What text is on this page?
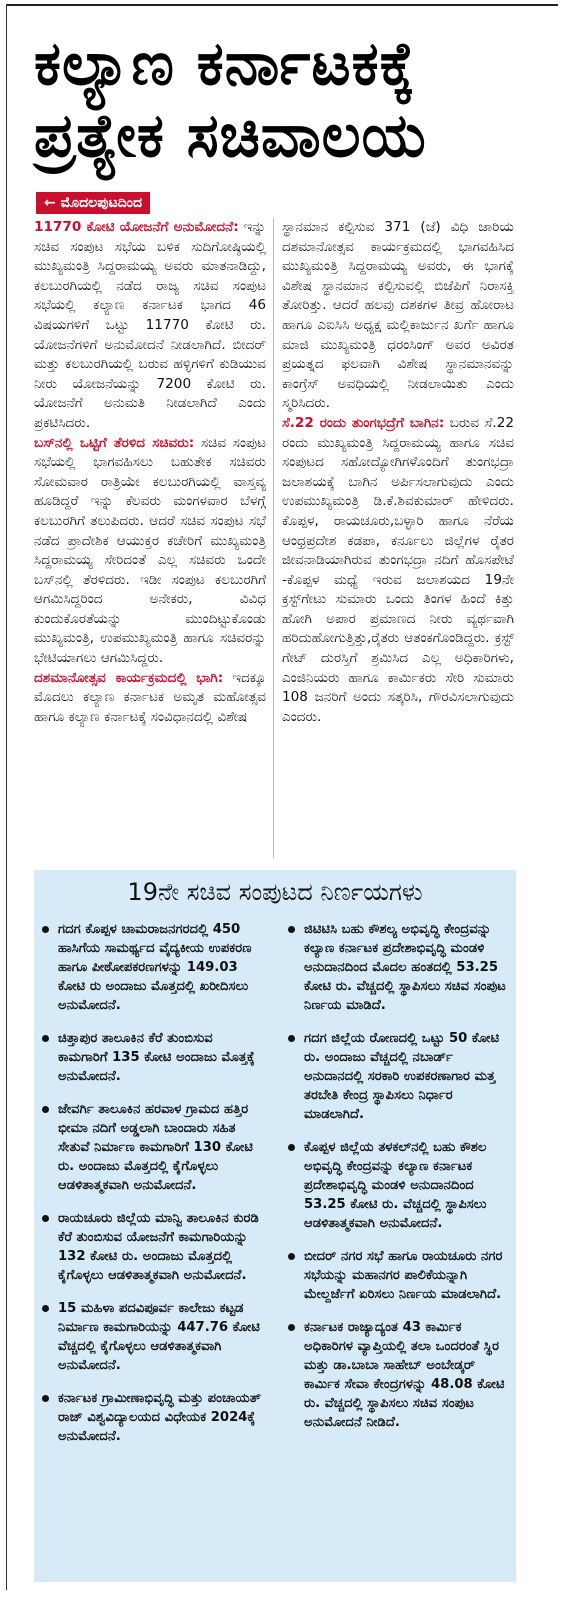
ಕಲ್ಯಾಣ ಕರ್ನಾಟಕಕ್ಕೆ ಪ್ರತ್ಯೇಕ ಸಚಿವಾಲಯ
← ಮೊದಲಪುಟದಿಂದ

11770 ಕೋಟಿ ಯೋಜನೆಗೆ ಅನುಮೋದನೆ: ಇನ್ನು ಸಚಿವ ಸಂಪುಟ ಸಭೆಯ ಬಳಿಕ ಸುದಿಗೋಷ್ಠಿಯಲ್ಲಿ ಮುಖ್ಯಮಂತ್ರಿ ಸಿದ್ದರಾಮಯ್ಯ ಅವರು ಮಾತನಾಡಿದ್ದು, ಕಲಬುರಗಿಯಲ್ಲಿ ನಡೆದ ರಾಜ್ಯ ಸಚಿವ ಸಂಪುಟ ಸಭೆಯಲ್ಲಿ ಕಲ್ಯಾಣ ಕರ್ನಾಟಕ ಭಾಗದ 46 ವಿಷಯಗಳಿಗೆ ಒಟ್ಟು 11770 ಕೋಟಿ ರು. ಯೋಜನೆಗಳಿಗೆ ಅನುಮೋದನೆ ನೀಡಲಾಗಿದೆ. ಬೀದರ್ ಮತ್ತು ಕಲಬುರಗಿಯಲ್ಲಿ ಬರುವ ಹಳ್ಳಿಗಳಿಗೆ ಕುಡಿಯುವ ನೀರು ಯೋಜನೆಯನ್ನು 7200 ಕೋಟಿ ರು. ಯೋಜನೆಗೆ ಅನುಮತಿ ನೀಡಲಾಗಿದೆ ಎಂದು ಪ್ರಕಟಿಸಿದರು.

ಬಸ್‌ನಲ್ಲಿ ಒಟ್ಟಿಗೆ ತೆರಳಿದ ಸಚಿವರು: ಸಚಿವ ಸಂಪುಟ ಸಭೆಯಲ್ಲಿ ಭಾಗವಹಿಸಲು ಬಹುತೇಕ ಸಚಿವರು ಸೋಮವಾರ ರಾತ್ರಿಯೇ ಕಲಬುರಗಿಯಲ್ಲಿ ವಾಸ್ತವ್ಯ ಹೂಡಿದ್ದರೆ ಇನ್ನು ಕೆಲವರು ಮಂಗಳವಾರ ಬೆಳಗ್ಗೆ ಕಲಬುರಗಿಗೆ ತಲುಪಿದರು. ಆದರೆ ಸಚಿವ ಸಂಪುಟ ಸಭೆ ನಡೆದ ಪ್ರಾದೇಶಿಕ ಆಯುಕ್ತರ ಕಚೇರಿಗೆ ಮುಖ್ಯಮಂತ್ರಿ ಸಿದ್ದರಾಮಯ್ಯ ಸೇರಿದಂತೆ ಎಲ್ಲ ಸಚಿವರು ಒಂದೇ ಬಸ್‌ನಲ್ಲಿ ತೆರಳಿದರು. ಇಡೀ ಸಂಪುಟ ಕಲಬುರಗಿಗೆ ಆಗಮಿಸಿದ್ದರಿಂದ ಅನೇಕರು, ವಿವಿಧ ಕುಂದುಕೊರತೆಯನ್ನು ಮುಂದಿಟ್ಟುಕೊಂಡು ಮುಖ್ಯಮಂತ್ರಿ, ಉಪಮುಖ್ಯಮಂತ್ರಿ ಹಾಗೂ ಸಚಿವರನ್ನು ಭೇಟಿಯಾಗಲು ಆಗಮಿಸಿದ್ದರು.

ದಶಮಾನೋತ್ಸವ ಕಾರ್ಯಕ್ರಮದಲ್ಲಿ ಭಾಗಿ: ಇದಕ್ಕೂ ಮೊದಲು ಕಲ್ಯಾಣ ಕರ್ನಾಟಕ ಅಮೃತ ಮಹೋತ್ಸವ ಹಾಗೂ ಕಲ್ಯಾಣ ಕರ್ನಾಟಕ್ಕೆ ಸಂವಿಧಾನದಲ್ಲಿ ವಿಶೇಷ

ಸ್ಥಾನಮಾನ ಕಲ್ಪಿಸುವ 371 (ಜೆ) ವಿಧಿ ಜಾರಿಯ ದಶಮಾನೋತ್ಸವ ಕಾರ್ಯಕ್ರಮದಲ್ಲಿ ಭಾಗವಹಿಸಿದ ಮುಖ್ಯಮಂತ್ರಿ ಸಿದ್ದರಾಮಯ್ಯ ಅವರು, ಈ ಭಾಗಕ್ಕೆ ವಿಶೇಷ ಸ್ಥಾನಮಾನ ಕಲ್ಪಿಸುವಲ್ಲಿ ಬಿಜೆಪಿಗೆ ನಿರಾಸಕ್ತಿ ತೋರಿತ್ತು. ಆದರೆ ಹಲವು ದಶಕಗಳ ತೀವ್ರ ಹೋರಾಟ ಹಾಗೂ ಎಐಸಿಸಿ ಅಧ್ಯಕ್ಷ ಮಲ್ಲಿಕಾರ್ಜುನ ಖರ್ಗೆ ಹಾಗೂ ಮಾಜಿ ಮುಖ್ಯಮಂತ್ರಿ ಧರಂಸಿಂಗ್ ಅವರ ಅವಿರತ ಪ್ರಯತ್ನದ ಫಲವಾಗಿ ವಿಶೇಷ ಸ್ಥಾನಮಾನವನ್ನು ಕಾಂಗ್ರೆಸ್ ಅವಧಿಯಲ್ಲಿ ನೀಡಲಾಯಿತು ಎಂದು ಸ್ಮರಿಸಿದರು.

ಸೆ.22 ರಂದು ತುಂಗಭದ್ರೆಗೆ ಬಾಗಿನ: ಬರುವ ಸೆ.22 ರಂದು ಮುಖ್ಯಮಂತ್ರಿ ಸಿದ್ದರಾಮಯ್ಯ ಹಾಗೂ ಸಚಿವ ಸಂಪುಟದ ಸಹೋದ್ಯೋಗಿಗಳೊಂದಿಗೆ ತುಂಗಭದ್ರಾ ಜಲಾಶಯಕ್ಕೆ ಬಾಗಿನ ಅರ್ಪಿಸಲಾಗುವುದು ಎಂದು ಉಪಮುಖ್ಯಮಂತ್ರಿ ಡಿ.ಕೆ.ಶಿವಕುಮಾರ್ ಹೇಳಿದರು. ಕೊಪ್ಪಳ, ರಾಯಚೂರು,ಬಳ್ಳಾರಿ ಹಾಗೂ ನೆರೆಯ ಆಂಧ್ರಪ್ರದೇಶ ಕಡಪಾ, ಕರ್ನೂಲು ಜಿಲ್ಲೆಗಳ ರೈತರ ಜೀವನಾಡಿಯಾಗಿರುವ ತುಂಗಭದ್ರಾ ನದಿಗೆ ಹೊಸಪೇಟೆ -ಕೊಪ್ಪಳ ಮಧ್ಯೆ ಇರುವ ಜಲಾಶಯದ 19ನೇ ಕ್ರಸ್ಟ್‌ಗೇಟು ಸುಮಾರು ಒಂದು ತಿಂಗಳ ಹಿಂದೆ ಕಿತ್ತು ಹೋಗಿ ಅಪಾರ ಪ್ರಮಾಣದ ನೀರು ವ್ಯರ್ಥವಾಗಿ ಹರಿದುಹೋಗುತ್ತಿತ್ತು,ರೈತರು ಆತಂಕಗೊಂಡಿದ್ದರು. ಕ್ರಸ್ಟ್ ಗೇಟ್ ದುರಸ್ತಿಗೆ ಶ್ರಮಿಸಿದ ಎಲ್ಲ ಅಧಿಕಾರಿಗಳು, ಎಂಜಿನಿಯರು ಹಾಗೂ ಕಾರ್ಮಿಕರು ಸೇರಿ ಸುಮಾರು 108 ಜನರಿಗೆ ಅಂದು ಸತ್ಕರಿಸಿ, ಗೌರವಿಸಲಾಗುವುದು ಎಂದರು.

19ನೇ ಸಚಿವ ಸಂಪುಟದ ನಿರ್ಣಯಗಳು
ಗದಗ ಕೊಪ್ಪಳ ಚಾಮರಾಜನಗರದಲ್ಲಿ 450 ಹಾಸಿಗೆಯ ಸಾಮರ್ಥ್ಯದ ವೈದ್ಯಕೀಯ ಉಪಕರಣ ಹಾಗೂ ಪೀಠೋಪಕರಣಗಳನ್ನು 149.03 ಕೋಟಿ ರು ಅಂದಾಜು ಮೊತ್ತದಲ್ಲಿ ಖರೀದಿಸಲು ಅನುಮೋದನೆ.
ಚಿತ್ತಾಪುರ ತಾಲೂಕಿನ ಕೆರೆ ತುಂಬಿಸುವ ಕಾಮಗಾರಿಗೆ 135 ಕೋಟಿ ಅಂದಾಜು ಮೊತ್ತಕ್ಕೆ ಅನುಮೋದನೆ.
ಜೇವರ್ಗಿ ತಾಲೂಕಿನ ಹರವಾಳ ಗ್ರಾಮದ ಹತ್ತಿರ ಭೀಮಾ ನದಿಗೆ ಅಡ್ಡಲಾಗಿ ಬಾಂದಾರು ಸಹಿತ ಸೇತುವೆ ನಿರ್ಮಾಣ ಕಾಮಗಾರಿಗೆ 130 ಕೋಟಿ ರು. ಅಂದಾಜು ಮೊತ್ತದಲ್ಲಿ ಕೈಗೊಳ್ಳಲು ಆಡಳಿತಾತ್ಮಕವಾಗಿ ಅನುಮೋದನೆ.
ರಾಯಚೂರು ಜಿಲ್ಲೆಯ ಮಾನ್ವಿ ತಾಲೂಕಿನ ಕುರಡಿ ಕೆರೆ ತುಂಬಿಸುವ ಯೋಜನೆಗೆ ಕಾಮಗಾರಿಯನ್ನು 132 ಕೋಟಿ ರು. ಅಂದಾಜು ಮೊತ್ತದಲ್ಲಿ ಕೈಗೊಳ್ಳಲು ಆಡಳಿತಾತ್ಮಕವಾಗಿ ಅನುಮೋದನೆ.
15 ಮಹಿಳಾ ಪದವಿಪೂರ್ವ ಕಾಲೇಜು ಕಟ್ಟಡ ನಿರ್ಮಾಣ ಕಾಮಗಾರಿಯನ್ನು 447.76 ಕೋಟಿ ವೆಚ್ಚದಲ್ಲಿ ಕೈಗೊಳ್ಳಲು ಆಡಳಿತಾತ್ಮಕವಾಗಿ ಅನುಮೋದನೆ.
ಕರ್ನಾಟಕ ಗ್ರಾಮೀಣಾಭಿವೃದ್ಧಿ ಮತ್ತು ಪಂಚಾಯತ್ ರಾಜ್ ವಿಶ್ವವಿದ್ಯಾಲಯದ ವಿಧೇಯಕ 2024ಕ್ಕೆ ಅನುಮೋದನೆ.
ಜಿಟಿಟಿಸಿ ಬಹು ಕೌಶಲ್ಯ ಅಭಿವೃದ್ಧಿ ಕೇಂದ್ರವನ್ನು ಕಲ್ಯಾಣ ಕರ್ನಾಟಕ ಪ್ರದೇಶಾಭಿವೃದ್ಧಿ ಮಂಡಳಿ ಅನುದಾನದಿಂದ ಮೊದಲ ಹಂತದಲ್ಲಿ 53.25 ಕೋಟಿ ರು. ವೆಚ್ಚದಲ್ಲಿ ಸ್ಥಾಪಿಸಲು ಸಚಿವ ಸಂಪುಟ ನಿರ್ಣಯ ಮಾಡಿದೆ.
ಗದಗ ಜಿಲ್ಲೆಯ ರೋಣದಲ್ಲಿ ಒಟ್ಟು 50 ಕೋಟಿ ರು. ಅಂದಾಜು ವೆಚ್ಚದಲ್ಲಿ ನಬಾರ್ಡ್ ಅನುದಾನದಲ್ಲಿ ಸರಕಾರಿ ಉಪಕರಣಾಗಾರ ಮತ್ತ ತರಬೇತಿ ಕೇಂದ್ರ ಸ್ಥಾಪಿಸಲು ನಿರ್ಧಾರ ಮಾಡಲಾಗಿದೆ.
ಕೊಪ್ಪಳ ಜಿಲ್ಲೆಯ ತಳಕಲ್‌ನಲ್ಲಿ ಬಹು ಕೌಶಲ ಅಭಿವೃದ್ಧಿ ಕೇಂದ್ರವನ್ನು ಕಲ್ಯಾಣ ಕರ್ನಾಟಕ ಪ್ರದೇಶಾಭಿವೃದ್ಧಿ ಮಂಡಳಿ ಅನುದಾನದಿಂದ 53.25 ಕೋಟಿ ರು. ವೆಚ್ಚದಲ್ಲಿ ಸ್ಥಾಪಿಸಲು ಆಡಳಿತಾತ್ಮಕವಾಗಿ ಅನುಮೋದನೆ.
ಬೀದರ್ ನಗರ ಸಭೆ ಹಾಗೂ ರಾಯಚೂರು ನಗರ ಸಭೆಯನ್ನು ಮಹಾನಗರ ಪಾಲಿಕೆಯನ್ನಾಗಿ ಮೇಲ್ದರ್ಜೆಗೆ ಏರಿಸಲು ನಿರ್ಣಯ ಮಾಡಲಾಗಿದೆ.
ಕರ್ನಾಟಕ ರಾಜ್ಯಾದ್ಯಂತ 43 ಕಾರ್ಮಿಕ ಅಧಿಕಾರಿಗಳ ವ್ಯಾಪ್ತಿಯಲ್ಲಿ ತಲಾ ಒಂದರಂತೆ ಸ್ಥಿರ ಮತ್ತು ಡಾ.ಬಾಬಾ ಸಾಹೇಬ್ ಅಂಬೇಡ್ಕರ್ ಕಾರ್ಮಿಕ ಸೇವಾ ಕೇಂದ್ರಗಳನ್ನು 48.08 ಕೋಟಿ ರು. ವೆಚ್ಚದಲ್ಲಿ ಸ್ಥಾಪಿಸಲು ಸಚಿವ ಸಂಪುಟ ಅನುಮೋದನೆ ನೀಡಿದೆ.
